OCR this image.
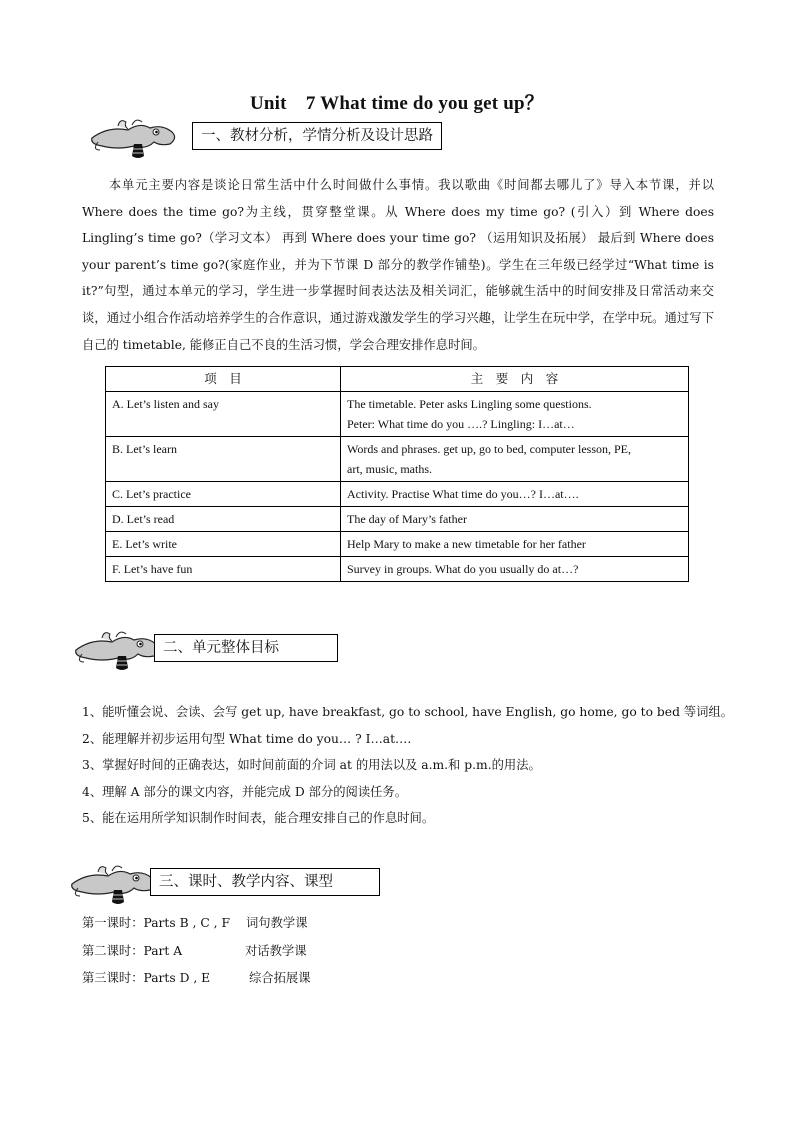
Unit　7 What time do you get up？
一、教材分析，学情分析及设计思路
本单元主要内容是谈论日常生活中什么时间做什么事情。我以歌曲《时间都去哪儿了》导入本节课，并以 Where does the time go?为主线，贯穿整堂课。从 Where does my time go? (引入）到 Where does Lingling’s time go?（学习文本） 再到 Where does your time go? （运用知识及拓展） 最后到 Where does your parent’s time go?(家庭作业，并为下节课 D 部分的教学作铺垫)。学生在三年级已经学过“What time is it?”句型，通过本单元的学习，学生进一步掌握时间表达法及相关词汇，能够就生活中的时间安排及日常活动来交谈，通过小组合作活动培养学生的合作意识，通过游戏激发学生的学习兴趣，让学生在玩中学，在学中玩。通过写下自己的 timetable, 能修正自己不良的生活习惯，学会合理安排作息时间。
项　目	主　要　内　容
A. Let’s listen and say	The timetable. Peter asks Lingling some questions.
Peter: What time do you ….? Lingling: I…at…

B. Let’s learn	Words and phrases. get up, go to bed, computer lesson, PE,
art, music, maths.

C. Let’s practice	Activity. Practise What time do you…? I…at….
D. Let’s read	The day of Mary’s father
E. Let’s write	Help Mary to make a new timetable for her father
F. Let’s have fun	Survey in groups. What do you usually do at…?
二、单元整体目标
1、能听懂会说、会读、会写 get up, have breakfast, go to school, have English, go home, go to bed 等词组。
2、能理解并初步运用句型 What time do you… ? I…at….
3、掌握好时间的正确表达，如时间前面的介词 at 的用法以及 a.m.和 p.m.的用法。
4、理解 A 部分的课文内容，并能完成 D 部分的阅读任务。
5、能在运用所学知识制作时间表，能合理安排自己的作息时间。
三、课时、教学内容、课型
第一课时：Parts B , C , F 词句教学课
第二课时：Part A	对话教学课
第三课时：Parts D , E	综合拓展课
